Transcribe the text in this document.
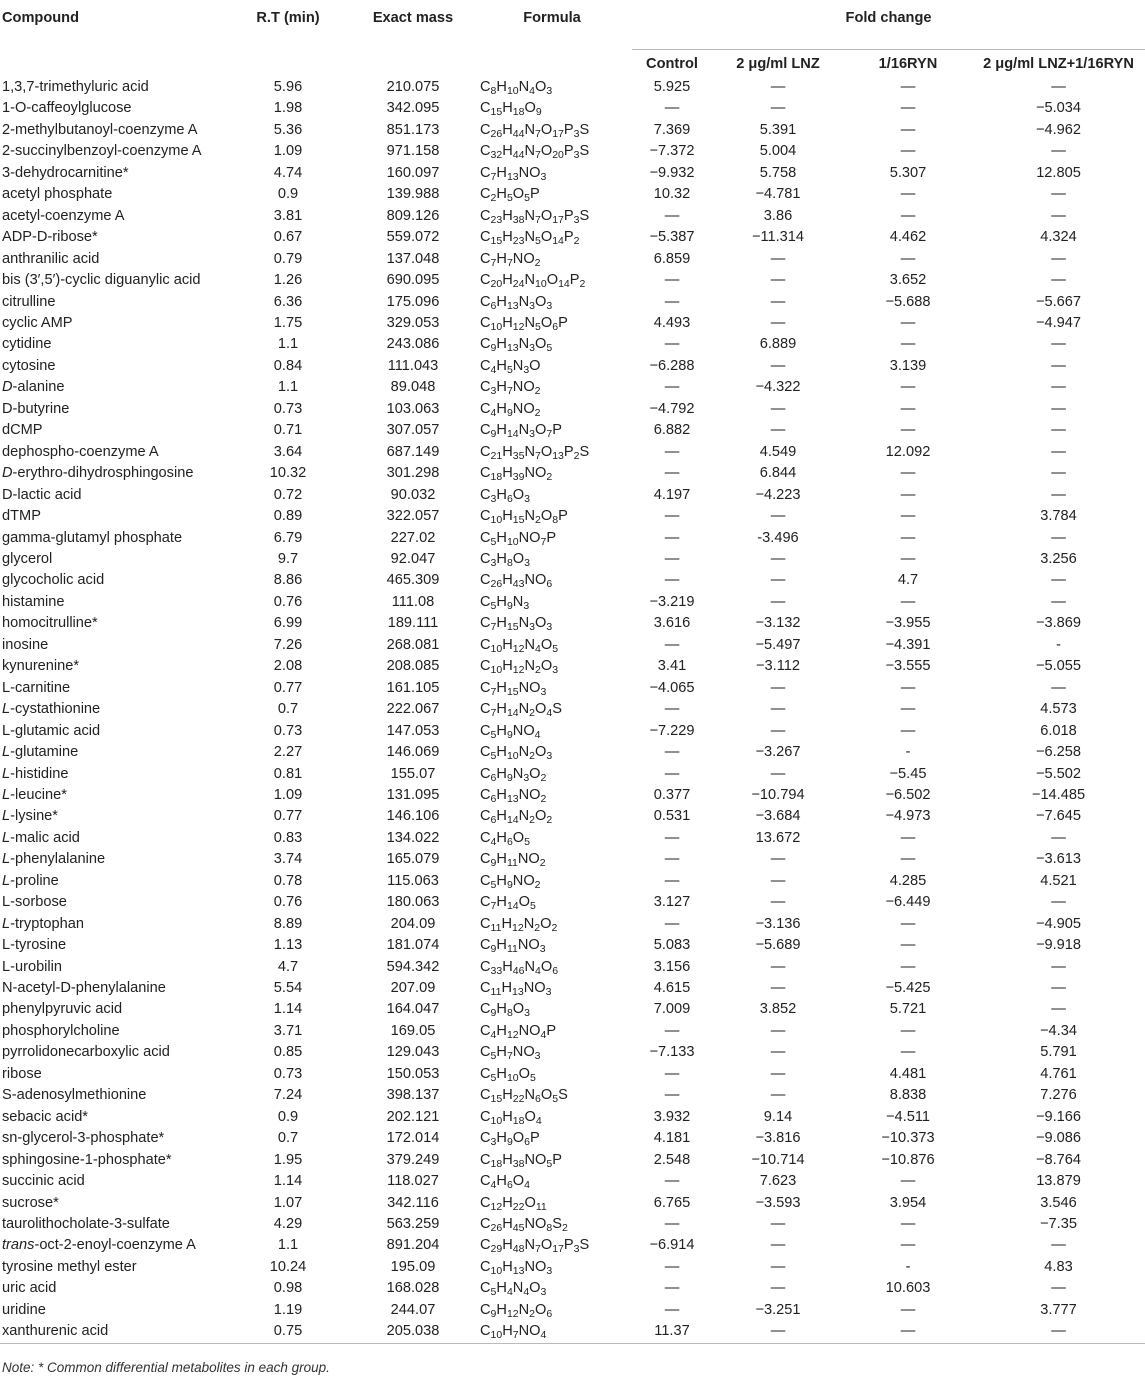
Compound	R.T (min)	Exact mass	Formula	Fold change			
				Control	2 μg/ml LNZ	1/16RYN	2 μg/ml LNZ+1/16RYN
1,3,7-trimethyluric acid	5.96	210.075	$C_8H_{10}N_4O_3$	5.925	—	—	—
1-O-caffeoylglucose	1.98	342.095	$C_{15}H_{18}O_9$	—	—	—	−5.034
2-methylbutanoyl-coenzyme A	5.36	851.173	$C_{26}H_{44}N_7O_{17}P_3S$	7.369	5.391	—	−4.962
2-succinylbenzoyl-coenzyme A	1.09	971.158	$C_{32}H_{44}N_7O_{20}P_3S$	−7.372	5.004	—	—
3-dehydrocarnitine*	4.74	160.097	$C_7H_{13}NO_3$	−9.932	5.758	5.307	12.805
acetyl phosphate	0.9	139.988	$C_2H_5O_5P$	10.32	−4.781	—	—
acetyl-coenzyme A	3.81	809.126	$C_{23}H_{38}N_7O_{17}P_3S$	—	3.86	—	—
ADP-D-ribose*	0.67	559.072	$C_{15}H_{23}N_5O_{14}P_2$	−5.387	−11.314	4.462	4.324
anthranilic acid	0.79	137.048	$C_7H_7NO_2$	6.859	—	—	—
bis (3′,5′)-cyclic diguanylic acid	1.26	690.095	$C_{20}H_{24}N_{10}O_{14}P_2$	—	—	3.652	—
citrulline	6.36	175.096	$C_6H_{13}N_3O_3$	—	—	−5.688	−5.667
cyclic AMP	1.75	329.053	$C_{10}H_{12}N_5O_6P$	4.493	—	—	−4.947
cytidine	1.1	243.086	$C_9H_{13}N_3O_5$	—	6.889	—	—
cytosine	0.84	111.043	$C_4H_5N_3O$	−6.288	—	3.139	—
D-alanine	1.1	89.048	$C_3H_7NO_2$	—	−4.322	—	—
D-butyrine	0.73	103.063	$C_4H_9NO_2$	−4.792	—	—	—
dCMP	0.71	307.057	$C_9H_{14}N_3O_7P$	6.882	—	—	—
dephospho-coenzyme A	3.64	687.149	$C_{21}H_{35}N_7O_{13}P_2S$	—	4.549	12.092	—
D-erythro-dihydrosphingosine	10.32	301.298	$C_{18}H_{39}NO_2$	—	6.844	—	—
D-lactic acid	0.72	90.032	$C_3H_6O_3$	4.197	−4.223	—	—
dTMP	0.89	322.057	$C_{10}H_{15}N_2O_8P$	—	—	—	3.784
gamma-glutamyl phosphate	6.79	227.02	$C_5H_{10}NO_7P$	—	-3.496	—	—
glycerol	9.7	92.047	$C_3H_8O_3$	—	—	—	3.256
glycocholic acid	8.86	465.309	$C_{26}H_{43}NO_6$	—	—	4.7	—
histamine	0.76	111.08	$C_5H_9N_3$	−3.219	—	—	—
homocitrulline*	6.99	189.111	$C_7H_{15}N_3O_3$	3.616	−3.132	−3.955	−3.869
inosine	7.26	268.081	$C_{10}H_{12}N_4O_5$	—	−5.497	−4.391	-
kynurenine*	2.08	208.085	$C_{10}H_{12}N_2O_3$	3.41	−3.112	−3.555	−5.055
L-carnitine	0.77	161.105	$C_7H_{15}NO_3$	−4.065	—	—	—
L-cystathionine	0.7	222.067	$C_7H_{14}N_2O_4S$	—	—	—	4.573
L-glutamic acid	0.73	147.053	$C_5H_9NO_4$	−7.229	—	—	6.018
L-glutamine	2.27	146.069	$C_5H_{10}N_2O_3$	—	−3.267	-	−6.258
L-histidine	0.81	155.07	$C_6H_9N_3O_2$	—	—	−5.45	−5.502
L-leucine*	1.09	131.095	$C_6H_{13}NO_2$	0.377	−10.794	−6.502	−14.485
L-lysine*	0.77	146.106	$C_6H_{14}N_2O_2$	0.531	−3.684	−4.973	−7.645
L-malic acid	0.83	134.022	$C_4H_6O_5$	—	13.672	—	—
L-phenylalanine	3.74	165.079	$C_9H_{11}NO_2$	—	—	—	−3.613
L-proline	0.78	115.063	$C_5H_9NO_2$	—	—	4.285	4.521
L-sorbose	0.76	180.063	$C_7H_{14}O_5$	3.127	—	−6.449	—
L-tryptophan	8.89	204.09	$C_{11}H_{12}N_2O_2$	—	−3.136	—	−4.905
L-tyrosine	1.13	181.074	$C_9H_{11}NO_3$	5.083	−5.689	—	−9.918
L-urobilin	4.7	594.342	$C_{33}H_{46}N_4O_6$	3.156	—	—	—
N-acetyl-D-phenylalanine	5.54	207.09	$C_{11}H_{13}NO_3$	4.615	—	−5.425	—
phenylpyruvic acid	1.14	164.047	$C_9H_8O_3$	7.009	3.852	5.721	—
phosphorylcholine	3.71	169.05	$C_4H_{12}NO_4P$	—	—	—	−4.34
pyrrolidonecarboxylic acid	0.85	129.043	$C_5H_7NO_3$	−7.133	—	—	5.791
ribose	0.73	150.053	$C_5H_{10}O_5$	—	—	4.481	4.761
S-adenosylmethionine	7.24	398.137	$C_{15}H_{22}N_6O_5S$	—	—	8.838	7.276
sebacic acid*	0.9	202.121	$C_{10}H_{18}O_4$	3.932	9.14	−4.511	−9.166
sn-glycerol-3-phosphate*	0.7	172.014	$C_3H_9O_6P$	4.181	−3.816	−10.373	−9.086
sphingosine-1-phosphate*	1.95	379.249	$C_{18}H_{38}NO_5P$	2.548	−10.714	−10.876	−8.764
succinic acid	1.14	118.027	$C_4H_6O_4$	—	7.623	—	13.879
sucrose*	1.07	342.116	$C_{12}H_{22}O_{11}$	6.765	−3.593	3.954	3.546
taurolithocholate-3-sulfate	4.29	563.259	$C_{26}H_{45}NO_8S_2$	—	—	—	−7.35
trans-oct-2-enoyl-coenzyme A	1.1	891.204	$C_{29}H_{48}N_7O_{17}P_3S$	−6.914	—	—	—
tyrosine methyl ester	10.24	195.09	$C_{10}H_{13}NO_3$	—	—	-	4.83
uric acid	0.98	168.028	$C_5H_4N_4O_3$	—	—	10.603	—
uridine	1.19	244.07	$C_9H_{12}N_2O_6$	—	−3.251	—	3.777
xanthurenic acid	0.75	205.038	$C_{10}H_7NO_4$	11.37	—	—	—
Note: * Common differential metabolites in each group.
